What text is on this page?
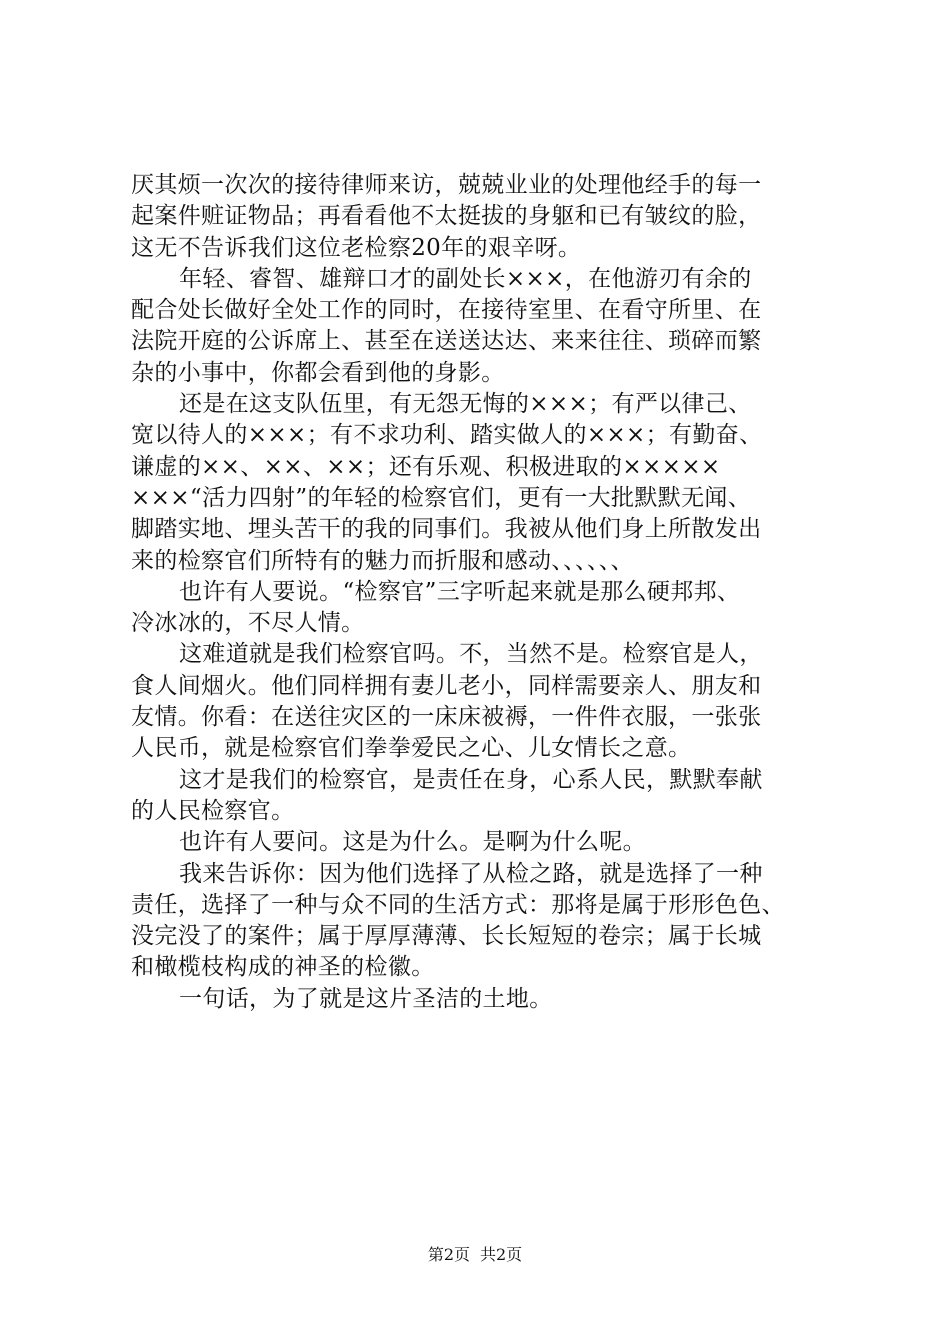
厌其烦一次次的接待律师来访，兢兢业业的处理他经手的每一
起案件赃证物品；再看看他不太挺拔的身躯和已有皱纹的脸，
这无不告诉我们这位老检察20年的艰辛呀。
年轻、睿智、雄辩口才的副处长×××，在他游刃有余的
配合处长做好全处工作的同时，在接待室里、在看守所里、在
法院开庭的公诉席上、甚至在送送达达、来来往往、琐碎而繁
杂的小事中，你都会看到他的身影。
还是在这支队伍里，有无怨无悔的×××；有严以律己、
宽以待人的×××；有不求功利、踏实做人的×××；有勤奋、
谦虚的××、××、××；还有乐观、积极进取的×××××
×××“活力四射”的年轻的检察官们，更有一大批默默无闻、
脚踏实地、埋头苦干的我的同事们。我被从他们身上所散发出
来的检察官们所特有的魅力而折服和感动、、、、、、
也许有人要说。“检察官”三字听起来就是那么硬邦邦、
冷冰冰的，不尽人情。
这难道就是我们检察官吗。不，当然不是。检察官是人，
食人间烟火。他们同样拥有妻儿老小，同样需要亲人、朋友和
友情。你看：在送往灾区的一床床被褥，一件件衣服，一张张
人民币，就是检察官们拳拳爱民之心、儿女情长之意。
这才是我们的检察官，是责任在身，心系人民，默默奉献
的人民检察官。
也许有人要问。这是为什么。是啊为什么呢。
我来告诉你：因为他们选择了从检之路，就是选择了一种
责任，选择了一种与众不同的生活方式：那将是属于形形色色、
没完没了的案件；属于厚厚薄薄、长长短短的卷宗；属于长城
和橄榄枝构成的神圣的检徽。
一句话，为了就是这片圣洁的土地。
第2页 共2页
